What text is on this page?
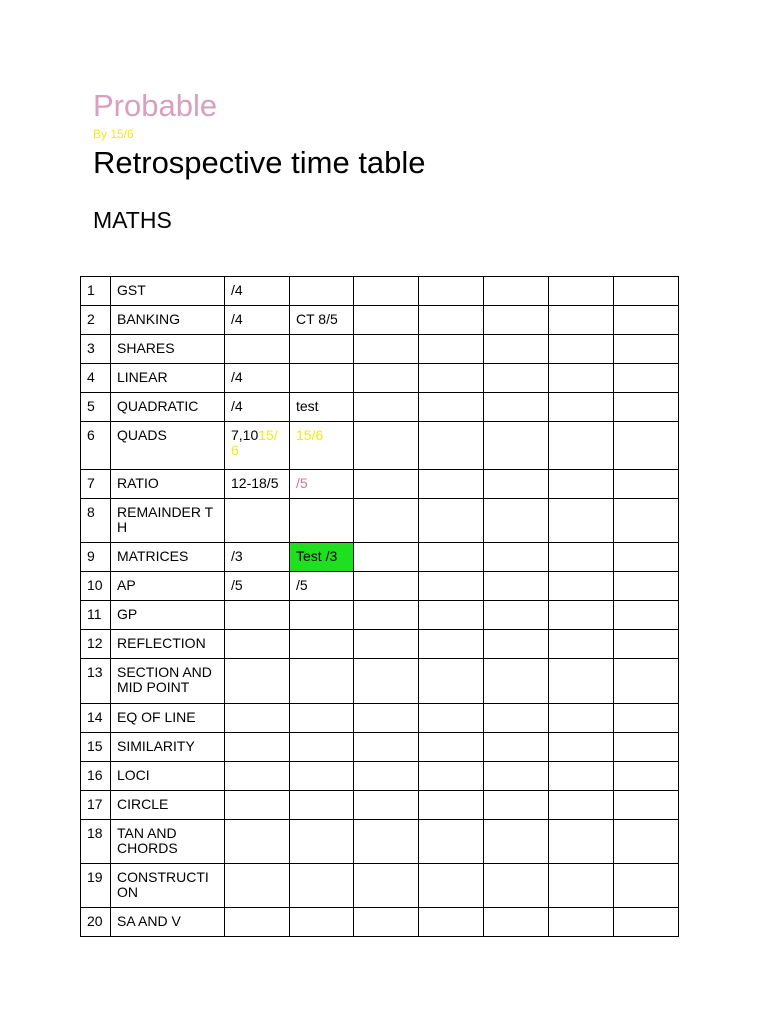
Probable
By 15/6
Retrospective time table
MATHS
1	GST	/4						
2	BANKING	/4	CT 8/5					
3	SHARES							
4	LINEAR	/4						
5	QUADRATIC	/4	test					
6	QUADS	7,1015/6	15/6					
7	RATIO	12-18/5	/5					
8	REMAINDER TH							
9	MATRICES	/3	Test /3					
10	AP	/5	/5					
11	GP							
12	REFLECTION							
13	SECTION AND MID POINT							
14	EQ OF LINE							
15	SIMILARITY							
16	LOCI							
17	CIRCLE							
18	TAN AND CHORDS							
19	CONSTRUCTION							
20	SA AND V							
